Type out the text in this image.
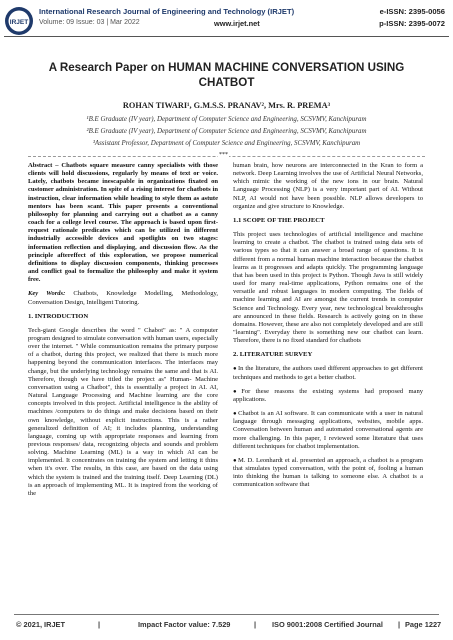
IRJET
International Research Journal of Engineering and Technology (IRJET)
Volume: 09 Issue: 03 | Mar 2022
e-ISSN: 2395-0056
www.irjet.net	p-ISSN: 2395-0072
A Research Paper on HUMAN MACHINE CONVERSATION USING
CHATBOT
ROHAN TIWARI¹, G.M.S.S. PRANAV², Mrs. R. PREMA³
¹B.E Graduate (IV year), Department of Computer Science and Engineering, SCSVMV, Kanchipuram
²B.E Graduate (IV year), Department of Computer Science and Engineering, SCSVMV, Kanchipuram
³Assistant Professor, Department of Computer Science and Engineering, SCSVMV, Kanchipuram
***

Abstract – Chatbots square measure canny specialists with those clients will hold discussions, regularly by means of text or voice. Lately, chatbots became inescapable in organizations fixated on customer administration. In spite of a rising interest for chatbots in instruction, clear information while heading to style them as astute mentors has been scant. This paper presents a conventional philosophy for planning and carrying out a chatbot as a canny coach for a college level course. The approach is based upon first-request rationale predicates which can be utilized in different industrially accessible devices and spotlights on two stages: information reflection and displaying, and discussion flow. As the principle aftereffect of this exploration, we propose numerical definitions to display discussion components, thinking processes and conflict goal to formalize the philosophy and make it system free.

Key Words: Chatbots, Knowledge Modelling, Methodology, Conversation Design, Intelligent Tutoring.

1. INTRODUCTION

Tech-giant Google describes the word " Chabot" as: " A computer program designed to simulate conversation with human users, especially over the internet. " While communication remains the primary purpose of a chatbot, during this project, we realized that there is much more happening beyond the communication interfaces. The interfaces may change, but the underlying technology remains the same and that is AI. Therefore, though we have titled the project as" Human- Machine conversation using a Chatbot", this is essentially a project in AI. AI, Natural Language Processing and Machine learning are the core concepts involved in this project. Artificial intelligence is the ability of machines /computers to do things and make decisions based on their own knowledge, without explicit instructions. This is a rather generalized definition of AI; it includes planning, understanding language, coming up with appropriate responses and learning from previous responses/ data, recognizing objects and sounds and problem solving. Machine Learning (ML) is a way in which AI can be implemented. It concentrates on training the system and letting it thins when it's over. The results, in this case, are based on the data using which the system is trained and the training itself. Deep Learning (DL) is an approach of implementing ML. It is inspired from the working of the

human brain, how neurons are interconnected in the Kran to form a network. Deep Learning involves the use of Artificial Neural Networks, which mimic the working of the new ions in our brain. Natural Language Processing (NLP) is a very important part of AI. Without NLP, AI would not have been possible. NLP allows developers to organize and give structure to Knowledge.

1.1 SCOPE OF THE PROJECT

This project uses technologies of artificial intelligence and machine learning to create a chatbot. The chatbot is trained using data sets of various types so that it can answer a broad range of questions. It is different from a normal human machine interaction because the chatbot learns as it progresses and adapts quickly. The programming language that has been used in this project is Python. Though Java is still widely used for many real-time applications, Python remains one of the versatile and robust languages in modern computing. The fields of machine learning and AI are amongst the current trends in computer Science and Technology. Every year, new technological breakthroughs are announced in these fields. Research is actively going on in these domains. However, these are also not completely developed and are still "learning". Everyday there is something new our chatbot can learn. Therefore, there is no fixed standard for chatbots

2. LITERATURE SURVEY

● In the literature, the authors used different approaches to get different techniques and methods to get a better chatbot.

● For these reasons the existing systems had proposed many applications.

● Chatbot is an AI software. It can communicate with a user in natural language through messaging applications, websites, mobile apps. Conversation between human and automated conversational agents are more challenging. In this paper, I reviewed some literature that uses different techniques for chatbot implementation.

● M. D. Leonhardt et al. presented an approach, a chatbot is a program that simulates typed conversation, with the point of, fooling a human into thinking the human is talking to someone else. A chatbot is a communication software that

© 2021, IRJET	|	Impact Factor value: 7.529	| ISO 9001:2008 Certified Journal | Page 1227
